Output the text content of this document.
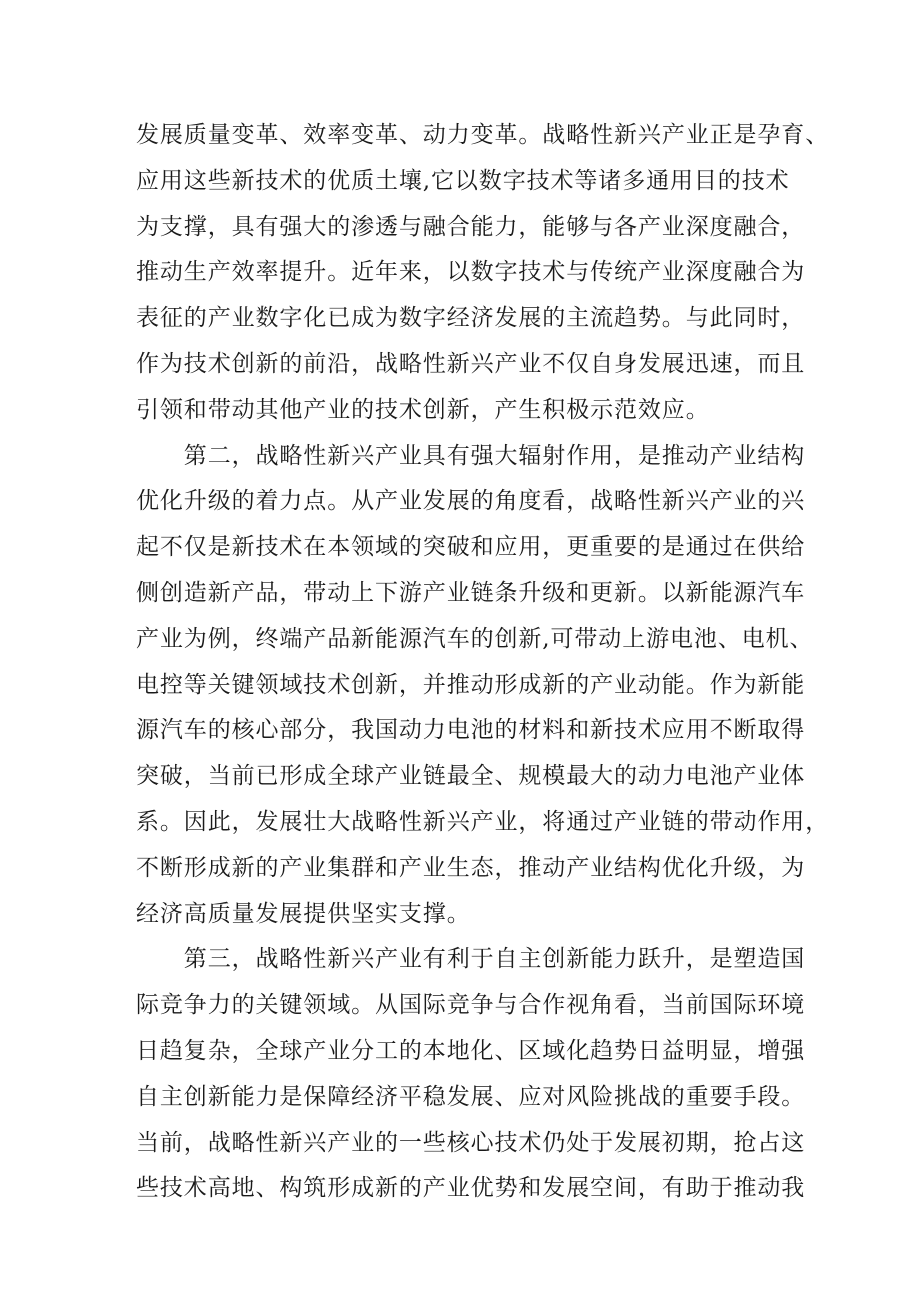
发展质量变革、效率变革、动力变革。战略性新兴产业正是孕育、
应用这些新技术的优质土壤,它以数字技术等诸多通用目的技术
为支撑，具有强大的渗透与融合能力，能够与各产业深度融合，
推动生产效率提升。近年来，以数字技术与传统产业深度融合为
表征的产业数字化已成为数字经济发展的主流趋势。与此同时，
作为技术创新的前沿，战略性新兴产业不仅自身发展迅速，而且
引领和带动其他产业的技术创新，产生积极示范效应。
　　第二，战略性新兴产业具有强大辐射作用，是推动产业结构
优化升级的着力点。从产业发展的角度看，战略性新兴产业的兴
起不仅是新技术在本领域的突破和应用，更重要的是通过在供给
侧创造新产品，带动上下游产业链条升级和更新。以新能源汽车
产业为例，终端产品新能源汽车的创新,可带动上游电池、电机、
电控等关键领域技术创新，并推动形成新的产业动能。作为新能
源汽车的核心部分，我国动力电池的材料和新技术应用不断取得
突破，当前已形成全球产业链最全、规模最大的动力电池产业体
系。因此，发展壮大战略性新兴产业，将通过产业链的带动作用，
不断形成新的产业集群和产业生态，推动产业结构优化升级，为
经济高质量发展提供坚实支撑。
　　第三，战略性新兴产业有利于自主创新能力跃升，是塑造国
际竞争力的关键领域。从国际竞争与合作视角看，当前国际环境
日趋复杂，全球产业分工的本地化、区域化趋势日益明显，增强
自主创新能力是保障经济平稳发展、应对风险挑战的重要手段。
当前，战略性新兴产业的一些核心技术仍处于发展初期，抢占这
些技术高地、构筑形成新的产业优势和发展空间，有助于推动我
